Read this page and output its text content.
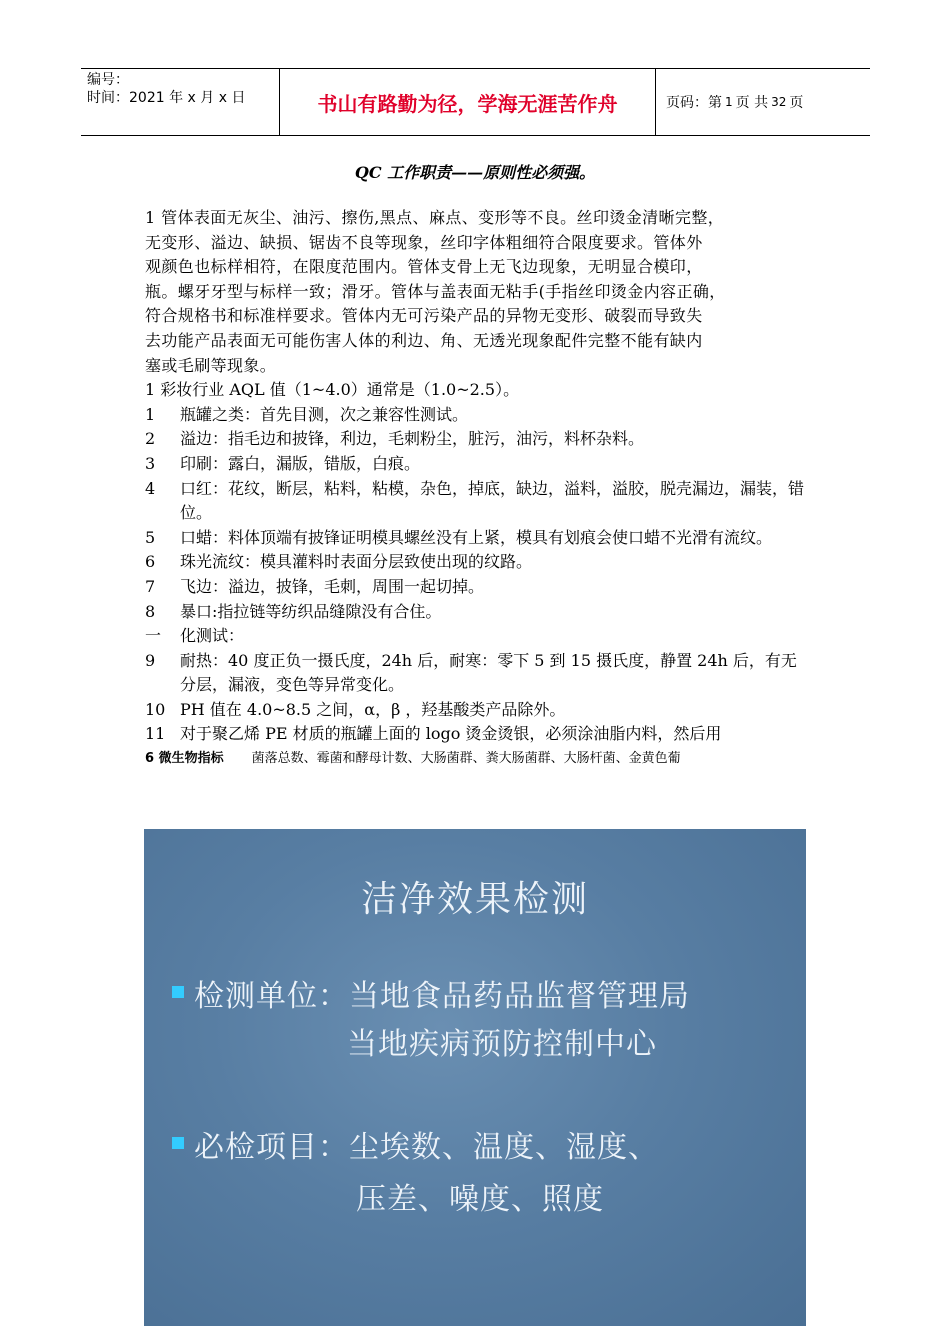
编号：
时间：2021 年 x 月 x 日	书山有路勤为径，学海无涯苦作舟	页码：第 1 页 共 32 页
QC 工作职责——原则性必须强。
1 管体表面无灰尘、油污、擦伤,黑点、麻点、变形等不良。丝印烫金清晰完整，
无变形、溢边、缺损、锯齿不良等现象，丝印字体粗细符合限度要求。管体外
观颜色也标样相符，在限度范围内。管体支骨上无飞边现象，无明显合模印，
瓶。螺牙牙型与标样一致；滑牙。管体与盖表面无粘手(手指丝印烫金内容正确，
符合规格书和标准样要求。管体内无可污染产品的异物无变形、破裂而导致失
去功能产品表面无可能伤害人体的利边、角、无透光现象配件完整不能有缺内
塞或毛刷等现象。
1 彩妆行业 AQL 值（1~4.0）通常是（1.0~2.5）。
1	瓶罐之类：首先目测，次之兼容性测试。
2	溢边：指毛边和披锋，利边，毛刺粉尘，脏污，油污，料杯杂料。
3	印刷：露白，漏版，错版，白痕。
4	口红：花纹，断层，粘料，粘模，杂色，掉底，缺边，溢料，溢胶，脱壳漏边，漏装，错位。
5	口蜡：料体顶端有披锋证明模具螺丝没有上紧，模具有划痕会使口蜡不光滑有流纹。
6	珠光流纹：模具灌料时表面分层致使出现的纹路。
7	飞边：溢边，披锋，毛刺，周围一起切掉。
8	暴口:指拉链等纺织品缝隙没有合住。
一	化测试：
9	耐热：40 度正负一摄氏度，24h 后，耐寒：零下 5 到 15 摄氏度，静置 24h 后，有无分层，漏液，变色等异常变化。
10 PH 值在 4.0~8.5 之间，α，β ，羟基酸类产品除外。
11 对于聚乙烯 PE 材质的瓶罐上面的 logo 烫金烫银，必须涂油脂内料，然后用
6 微生物指标 菌落总数、霉菌和酵母计数、大肠菌群、粪大肠菌群、大肠杆菌、金黄色葡
洁净效果检测
检测单位：当地食品药品监督管理局
当地疾病预防控制中心
必检项目：尘埃数、温度、湿度、
压差、噪度、照度
